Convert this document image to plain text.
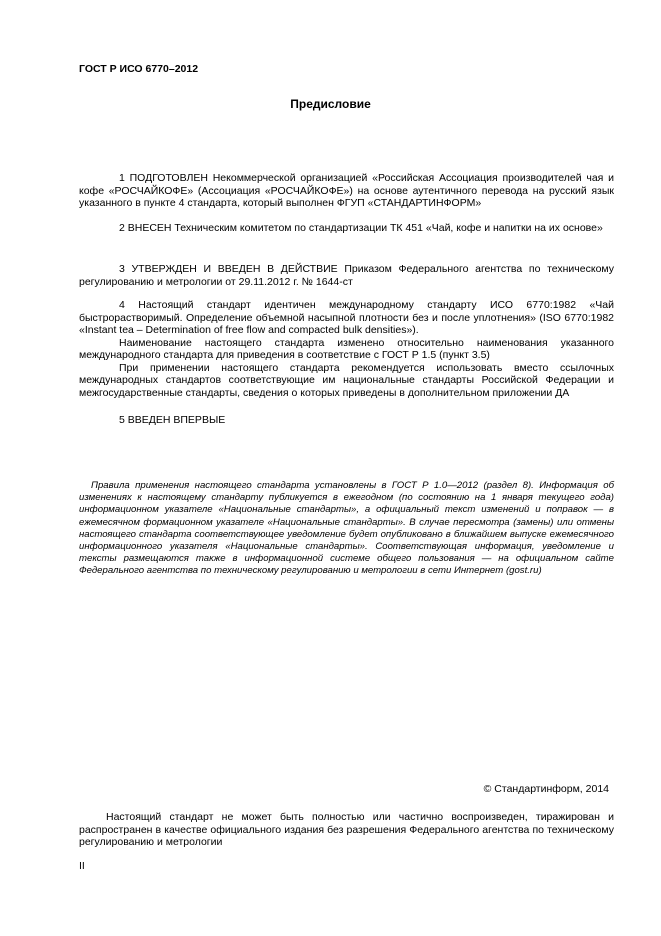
ГОСТ Р ИСО 6770–2012
Предисловие

1 ПОДГОТОВЛЕН Некоммерческой организацией «Российская Ассоциация производителей чая и кофе «РОСЧАЙКОФЕ» (Ассоциация «РОСЧАЙКОФЕ») на основе аутентичного перевода на русский язык указанного в пункте 4 стандарта, который выполнен ФГУП «СТАНДАРТИНФОРМ»

2 ВНЕСЕН Техническим комитетом по стандартизации ТК 451 «Чай, кофе и напитки на их основе»

3 УТВЕРЖДЕН И ВВЕДЕН В ДЕЙСТВИЕ Приказом Федерального агентства по техническому регулированию и метрологии от 29.11.2012 г. № 1644-ст

4 Настоящий стандарт идентичен международному стандарту ИСО 6770:1982 «Чай быстрорастворимый. Определение объемной насыпной плотности без и после уплотнения» (ISO 6770:1982 «Instant tea – Determination of free flow and compacted bulk densities»).

Наименование настоящего стандарта изменено относительно наименования указанного международного стандарта для приведения в соответствие с ГОСТ Р 1.5 (пункт 3.5)

При применении настоящего стандарта рекомендуется использовать вместо ссылочных международных стандартов соответствующие им национальные стандарты Российской Федерации и межгосударственные стандарты, сведения о которых приведены в дополнительном приложении ДА

5 ВВЕДЕН ВПЕРВЫЕ

Правила применения настоящего стандарта установлены в ГОСТ Р 1.0—2012 (раздел 8). Информация об изменениях к настоящему стандарту публикуется в ежегодном (по состоянию на 1 января текущего года) информационном указателе «Национальные стандарты», а официальный текст изменений и поправок — в ежемесячном формационном указателе «Национальные стандарты». В случае пересмотра (замены) или отмены настоящего стандарта соответствующее уведомление будет опубликовано в ближайшем выпуске ежемесячного информационного указателя «Национальные стандарты». Соответствующая информация, уведомление и тексты размещаются также в информационной системе общего пользования — на официальном сайте Федерального агентства по техническому регулированию и метрологии в сети Интернет (gost.ru)

© Стандартинформ, 2014

Настоящий стандарт не может быть полностью или частично воспроизведен, тиражирован и распространен в качестве официального издания без разрешения Федерального агентства по техническому регулированию и метрологии

II
